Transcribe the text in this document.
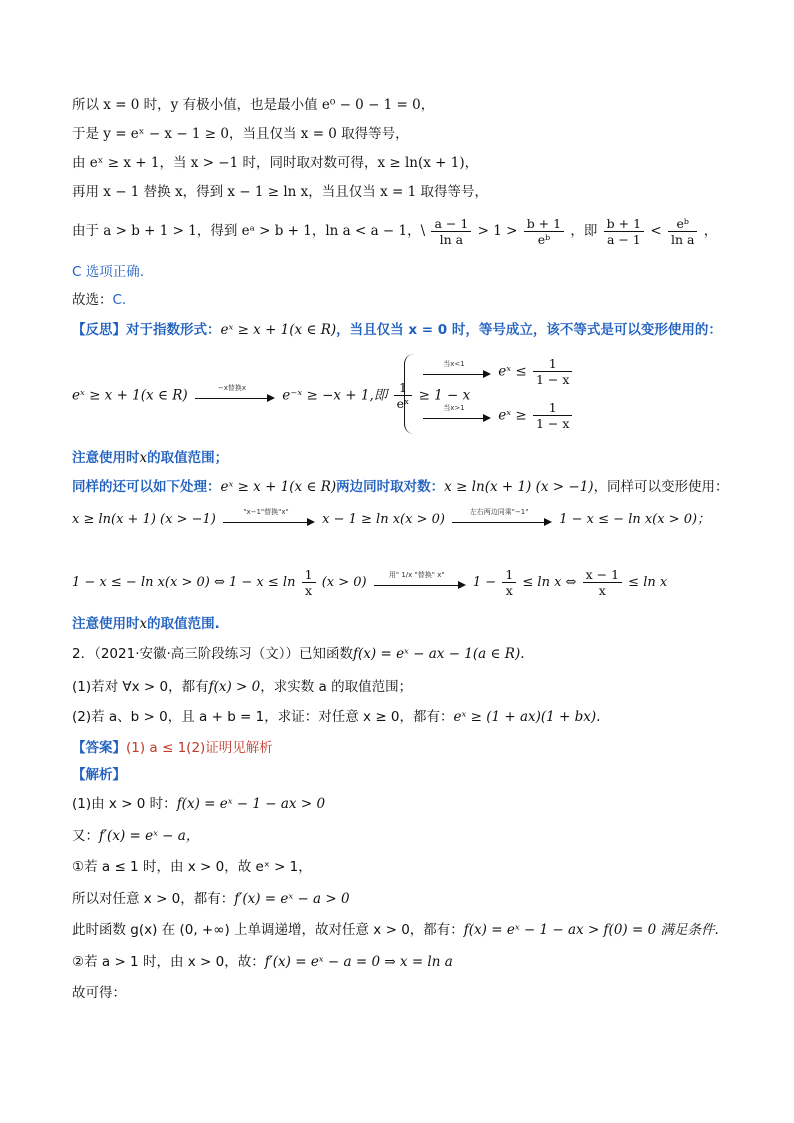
所以 x = 0 时，y 有极小值，也是最小值 e⁰ − 0 − 1 = 0，
于是 y = eˣ − x − 1 ≥ 0，当且仅当 x = 0 取得等号，
由 eˣ ≥ x + 1，当 x > −1 时，同时取对数可得，x ≥ ln(x + 1)，
再用 x − 1 替换 x，得到 x − 1 ≥ ln x，当且仅当 x = 1 取得等号，
由于 a > b + 1 > 1，得到 eᵃ > b + 1，ln a < a − 1，\ $\frac{a - 1}{\text{ln a}} > 1 > \frac{b + 1}{\text{eᵇ}}$ ，即 $\frac{b + 1}{a - 1} < \frac{\text{eᵇ}}{\text{ln a}}$ ，
C 选项正确.
故选：C.
【反思】对于指数形式：eˣ ≥ x + 1(x ∈ R)，当且仅当 x = 0 时，等号成立，该不等式是可以变形使用的：
eˣ ≥ x + 1(x ∈ R)	−x替换x	e⁻ˣ ≥ −x + 1,即 $\frac{1}{\text{eˣ}} \ge 1 - x$
当x<1	eˣ ≤ $\frac{1}{1 - x}$
当x>1	eˣ ≥ $\frac{1}{1 - x}$
注意使用时x的取值范围；
同样的还可以如下处理：eˣ ≥ x + 1(x ∈ R)两边同时取对数：x ≥ ln(x + 1) (x > −1)，同样可以变形使用：
x ≥ ln(x + 1) (x > −1)
"x−1"替换"x"
x − 1 ≥ ln x(x > 0)
左右两边同乘"−1"
1 − x ≤ − ln x(x > 0)；
1 − x ≤ − ln x(x > 0) ⇔ $1 - x \le \ln \frac{1}{x} (x > 0)$
用" 1/x "替换" x"
$1 - \frac{1}{x} \le \ln x$ ⇔ $\frac{x - 1}{x} \le \ln x$
注意使用时x的取值范围.
2．（2021·安徽·高三阶段练习（文））已知函数f(x) = eˣ − ax − 1(a ∈ R).
(1)若对 ∀x > 0，都有f(x) > 0，求实数 a 的取值范围；
(2)若 a、b > 0，且 a + b = 1，求证：对任意 x ≥ 0，都有：eˣ ≥ (1 + ax)(1 + bx).
【答案】(1) a ≤ 1(2)证明见解析
【解析】
(1)由 x > 0 时：f(x) = eˣ − 1 − ax > 0
又：f′(x) = eˣ − a，
①若 a ≤ 1 时，由 x > 0，故 eˣ > 1，
所以对任意 x > 0，都有：f′(x) = eˣ − a > 0
此时函数 g(x) 在 (0, +∞) 上单调递增，故对任意 x > 0，都有：f(x) = eˣ − 1 − ax > f(0) = 0 满足条件.
②若 a > 1 时，由 x > 0，故：f′(x) = eˣ − a = 0 ⇒ x = ln a
故可得：
